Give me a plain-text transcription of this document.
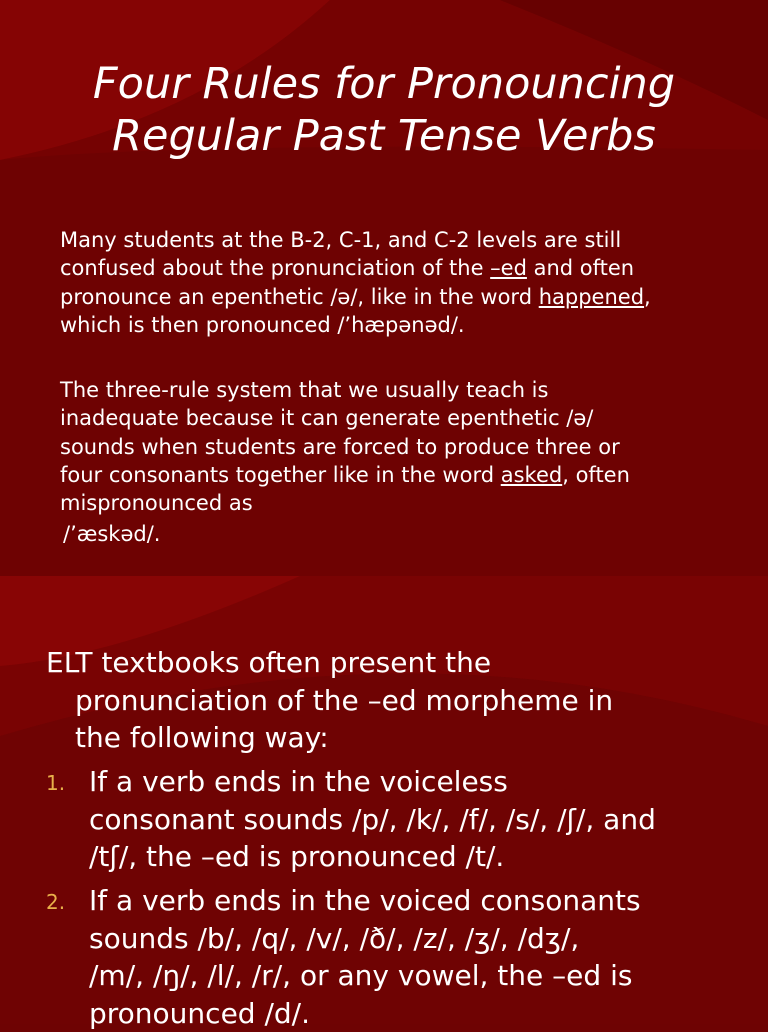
Four Rules for Pronouncing
Regular Past Tense Verbs
Many students at the B-2, C-1, and C-2 levels are still
confused about the pronunciation of the –ed and often
pronounce an epenthetic /ə/, like in the word happened,
which is then pronounced /’hæpənəd/.
The three-rule system that we usually teach is
inadequate because it can generate epenthetic /ə/
sounds when students are forced to produce three or
four consonants together like in the word asked, often
mispronounced as
/’æskəd/.
ELT textbooks often present the
pronunciation of the –ed morpheme in
the following way:
1. If a verb ends in the voiceless
consonant sounds /p/, /k/, /f/, /s/, /ʃ/, and
/tʃ/, the –ed is pronounced /t/.
2. If a verb ends in the voiced consonants
sounds /b/, /q/, /v/, /ð/, /z/, /ʒ/, /dʒ/,
/m/, /ŋ/, /l/, /r/, or any vowel, the –ed is
pronounced /d/.
